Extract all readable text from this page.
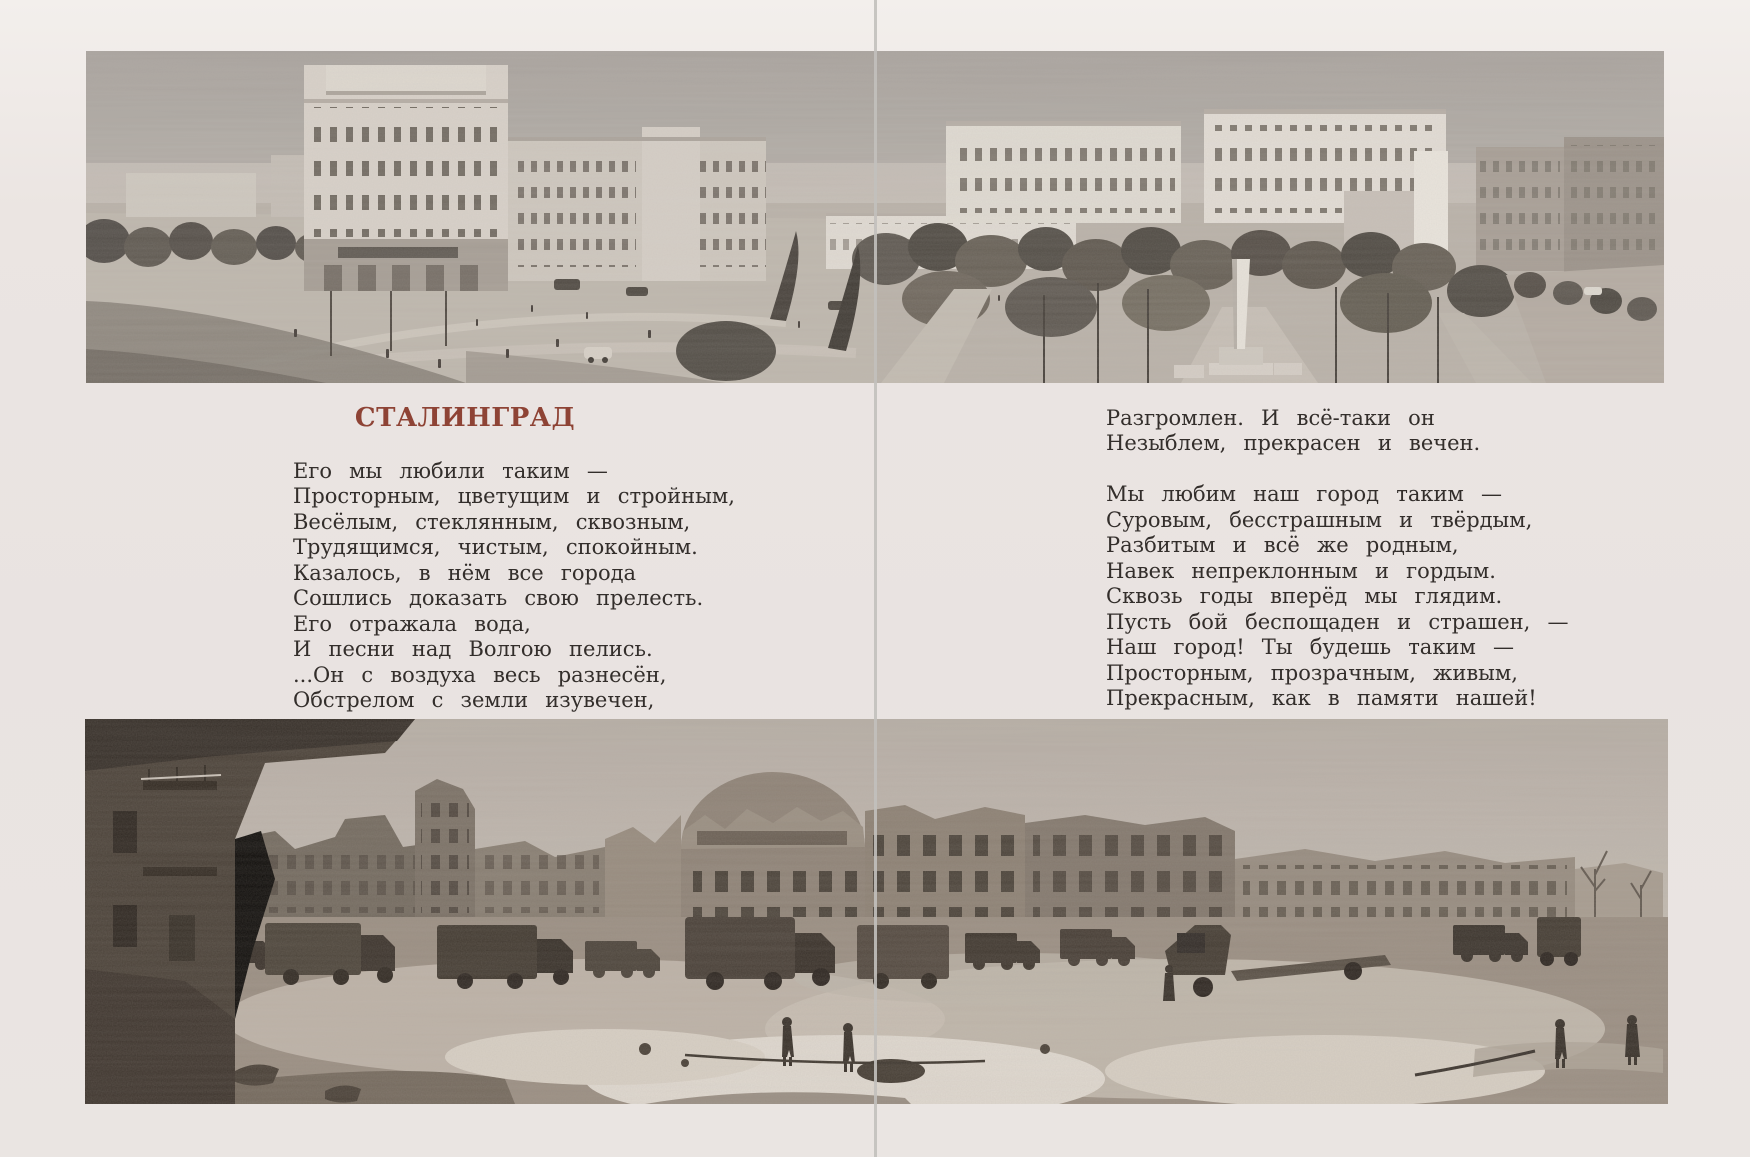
СТАЛИНГРАД
Его мы любили таким —
Просторным, цветущим и стройным,
Весёлым, стеклянным, сквозным,
Трудящимся, чистым, спокойным.
Казалось, в нём все города
Сошлись доказать свою прелесть.
Его отражала вода,
И песни над Волгою пелись.
...Он с воздуха весь разнесён,
Обстрелом с земли изувечен,
Разгромлен. И всё-таки он
Незыблем, прекрасен и вечен.
Мы любим наш город таким —
Суровым, бесстрашным и твёрдым,
Разбитым и всё же родным,
Навек непреклонным и гордым.
Сквозь годы вперёд мы глядим.
Пусть бой беспощаден и страшен, —
Наш город! Ты будешь таким —
Просторным, прозрачным, живым,
Прекрасным, как в памяти нашей!
